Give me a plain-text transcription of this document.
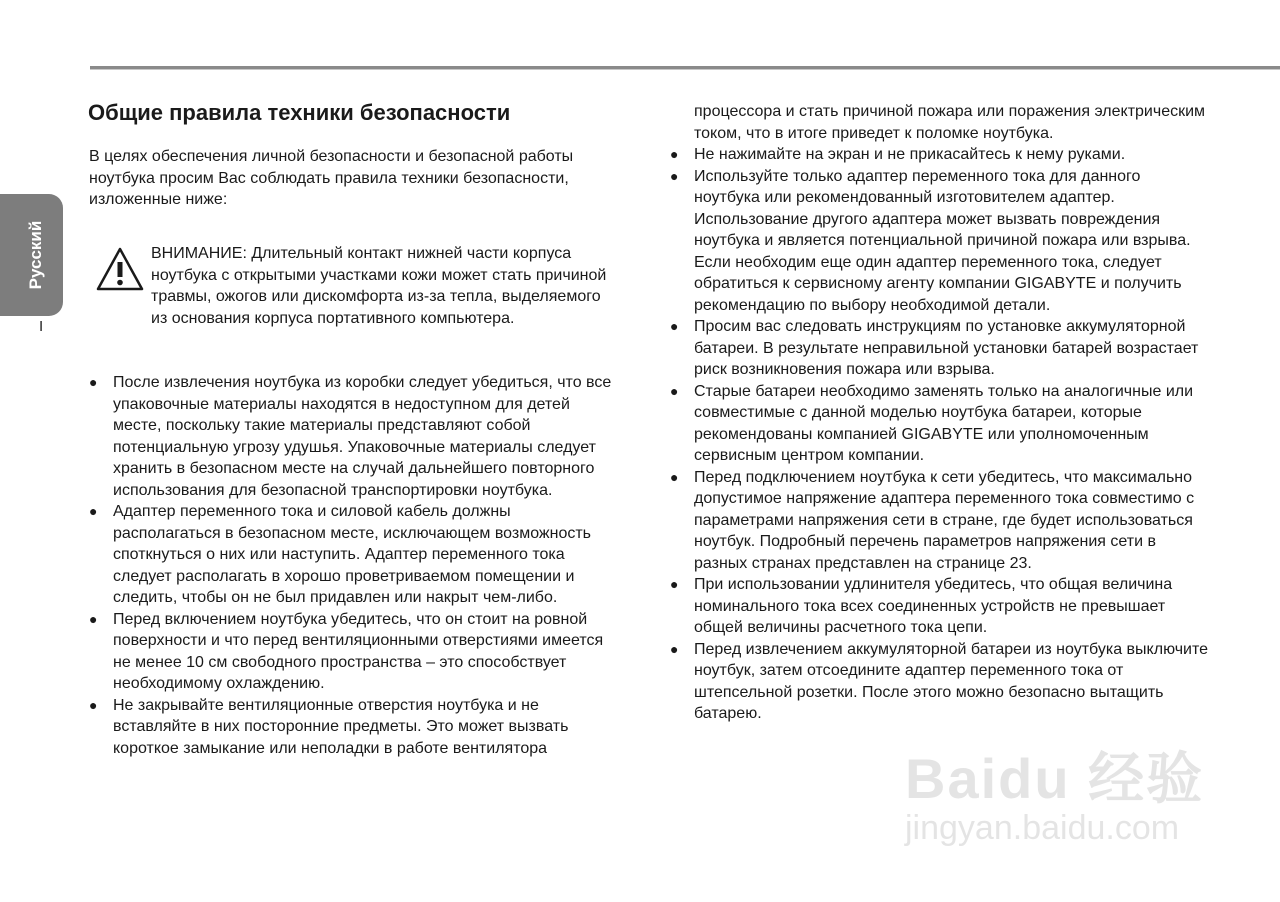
Русский
I
Общие правила техники безопасности

В целях обеспечения личной безопасности и безопасной работы ноутбука просим Вас соблюдать правила техники безопасности, изложенные ниже:

ВНИМАНИЕ: Длительный контакт нижней части корпуса ноутбука с открытыми участками кожи может стать причиной травмы, ожогов или дискомфорта из-за тепла, выделяемого из основания корпуса портативного компьютера.

● После извлечения ноутбука из коробки следует убедиться, что все упаковочные материалы находятся в недоступном для детей месте, поскольку такие материалы представляют собой потенциальную угрозу удушья. Упаковочные материалы следует хранить в безопасном месте на случай дальнейшего повторного использования для безопасной транспортировки ноутбука.
● Адаптер переменного тока и силовой кабель должны располагаться в безопасном месте, исключающем возможность споткнуться о них или наступить. Адаптер переменного тока следует располагать в хорошо проветриваемом помещении и следить, чтобы он не был придавлен или накрыт чем-либо.
● Перед включением ноутбука убедитесь, что он стоит на ровной поверхности и что перед вентиляционными отверстиями имеется не менее 10 см свободного пространства – это способствует необходимому охлаждению.
● Не закрывайте вентиляционные отверстия ноутбука и не вставляйте в них посторонние предметы. Это может вызвать короткое замыкание или неполадки в работе вентилятора

процессора и стать причиной пожара или поражения электрическим током, что в итоге приведет к поломке ноутбука.

● Не нажимайте на экран и не прикасайтесь к нему руками.
● Используйте только адаптер переменного тока для данного ноутбука или рекомендованный изготовителем адаптер. Использование другого адаптера может вызвать повреждения ноутбука и является потенциальной причиной пожара или взрыва. Если необходим еще один адаптер переменного тока, следует обратиться к сервисному агенту компании GIGABYTE и получить рекомендацию по выбору необходимой детали.
● Просим вас следовать инструкциям по установке аккумуляторной батареи. В результате неправильной установки батарей возрастает риск возникновения пожара или взрыва.
● Старые батареи необходимо заменять только на аналогичные или совместимые с данной моделью ноутбука батареи, которые рекомендованы компанией GIGABYTE или уполномоченным сервисным центром компании.
● Перед подключением ноутбука к сети убедитесь, что максимально допустимое напряжение адаптера переменного тока совместимо с параметрами напряжения сети в стране, где будет использоваться ноутбук. Подробный перечень параметров напряжения сети в разных странах представлен на странице 23.
● При использовании удлинителя убедитесь, что общая величина номинального тока всех соединенных устройств не превышает общей величины расчетного тока цепи.
● Перед извлечением аккумуляторной батареи из ноутбука выключите ноутбук, затем отсоедините адаптер переменного тока от штепсельной розетки. После этого можно безопасно вытащить батарею.
Baidu 经验
jingyan.baidu.com
